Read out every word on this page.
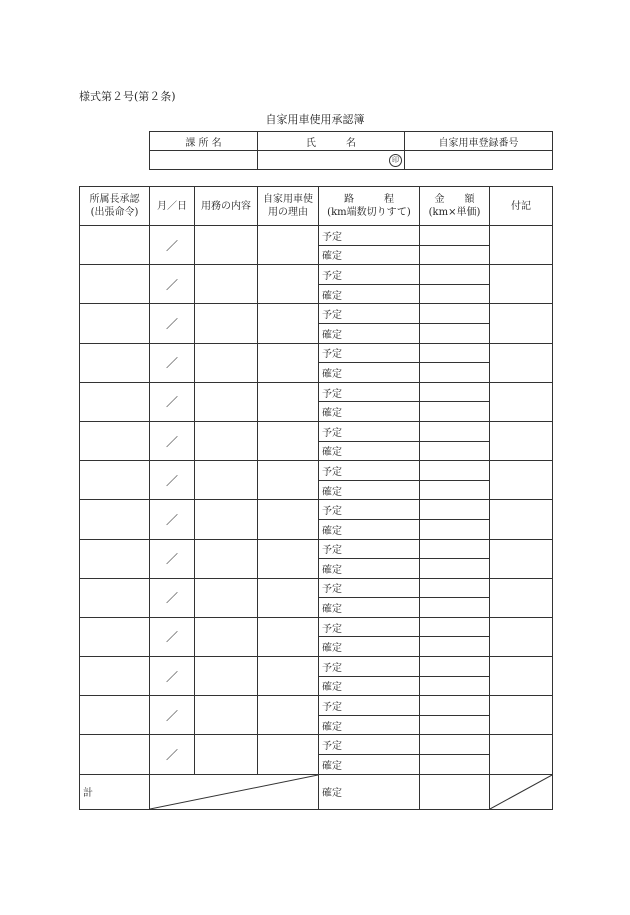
様式第２号(第２条)
自家用車使用承認簿
課 所 名	氏　　　名	自家用車登録番号

	印	

所属長承認
(出張命令)	月／日	用務の内容	自家用車使
用の理由	路　　　程
(km端数切りすて)	金　　額
(km×単価)	付記
	／			予定		
				確定		
	／			予定		
				確定		
	／			予定		
				確定		
	／			予定		
				確定		
	／			予定		
				確定		
	／			予定		
				確定		
	／			予定		
				確定		
	／			予定		
				確定		
	／			予定		
				確定		
	／			予定		
				確定		
	／			予定		
				確定		
	／			予定		
				確定		
	／			予定		
				確定		
	／			予定		
				確定		
計				確定		
